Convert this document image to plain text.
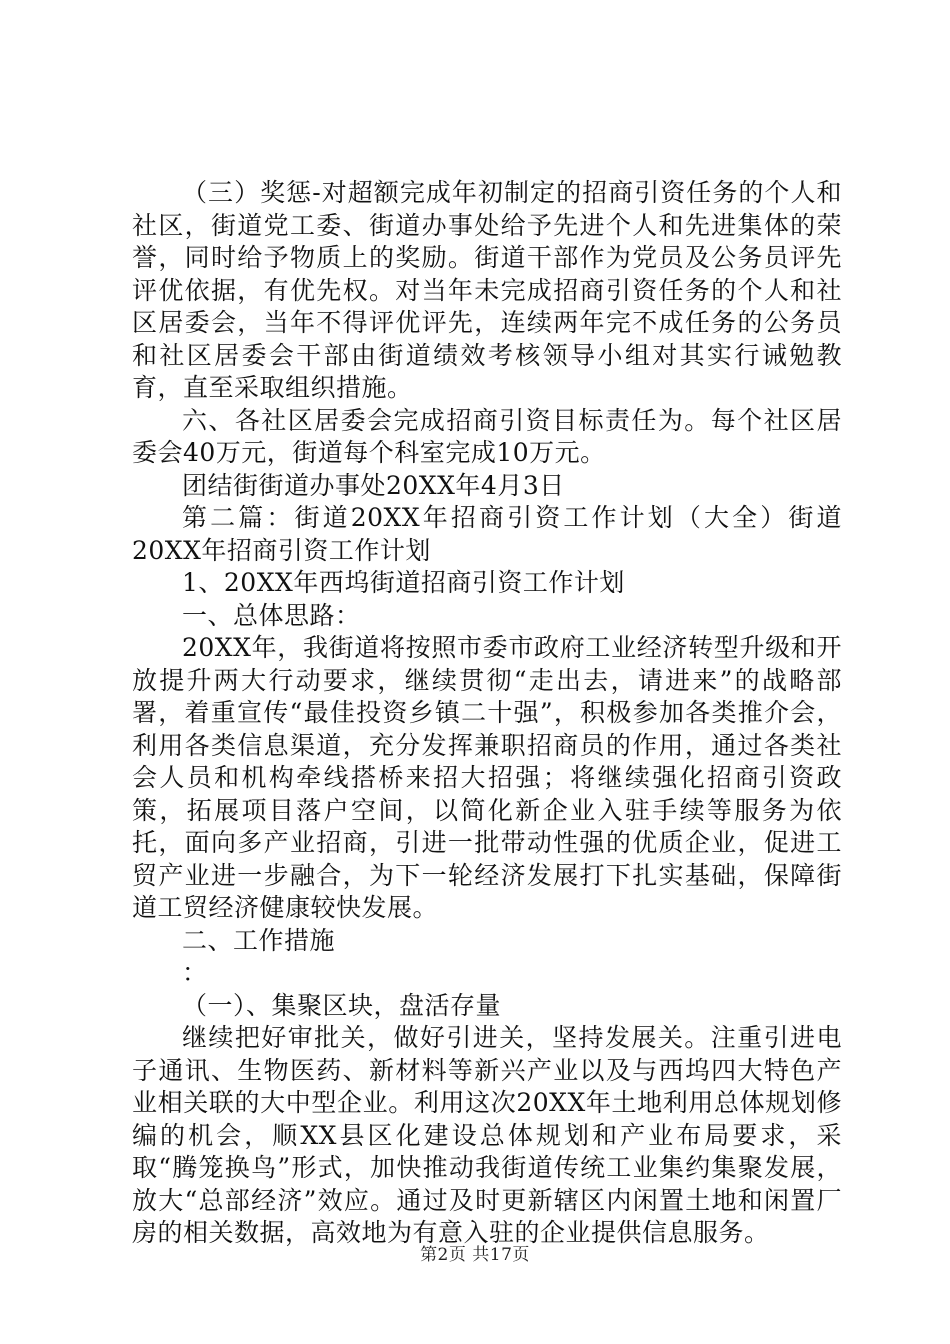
（三）奖惩-对超额完成年初制定的招商引资任务的个人和社区，街道党工委、街道办事处给予先进个人和先进集体的荣誉，同时给予物质上的奖励。街道干部作为党员及公务员评先评优依据，有优先权。对当年未完成招商引资任务的个人和社区居委会，当年不得评优评先，连续两年完不成任务的公务员和社区居委会干部由街道绩效考核领导小组对其实行诫勉教育，直至采取组织措施。

六、各社区居委会完成招商引资目标责任为。每个社区居委会40万元，街道每个科室完成10万元。

团结街街道办事处20XX年4月3日

第二篇：街道20XX年招商引资工作计划（大全）街道20XX年招商引资工作计划

1、20XX年西坞街道招商引资工作计划

一、总体思路：

20XX年，我街道将按照市委市政府工业经济转型升级和开放提升两大行动要求，继续贯彻“走出去，请进来”的战略部署，着重宣传“最佳投资乡镇二十强”，积极参加各类推介会，利用各类信息渠道，充分发挥兼职招商员的作用，通过各类社会人员和机构牵线搭桥来招大招强；将继续强化招商引资政策，拓展项目落户空间，以简化新企业入驻手续等服务为依托，面向多产业招商，引进一批带动性强的优质企业，促进工贸产业进一步融合，为下一轮经济发展打下扎实基础，保障街道工贸经济健康较快发展。

二、工作措施

：

（一）、集聚区块，盘活存量

继续把好审批关，做好引进关，坚持发展关。注重引进电子通讯、生物医药、新材料等新兴产业以及与西坞四大特色产业相关联的大中型企业。利用这次20XX年土地利用总体规划修编的机会，顺XX县区化建设总体规划和产业布局要求，采取“腾笼换鸟”形式，加快推动我街道传统工业集约集聚发展，放大“总部经济”效应。通过及时更新辖区内闲置土地和闲置厂房的相关数据，高效地为有意入驻的企业提供信息服务。

第2页 共17页
